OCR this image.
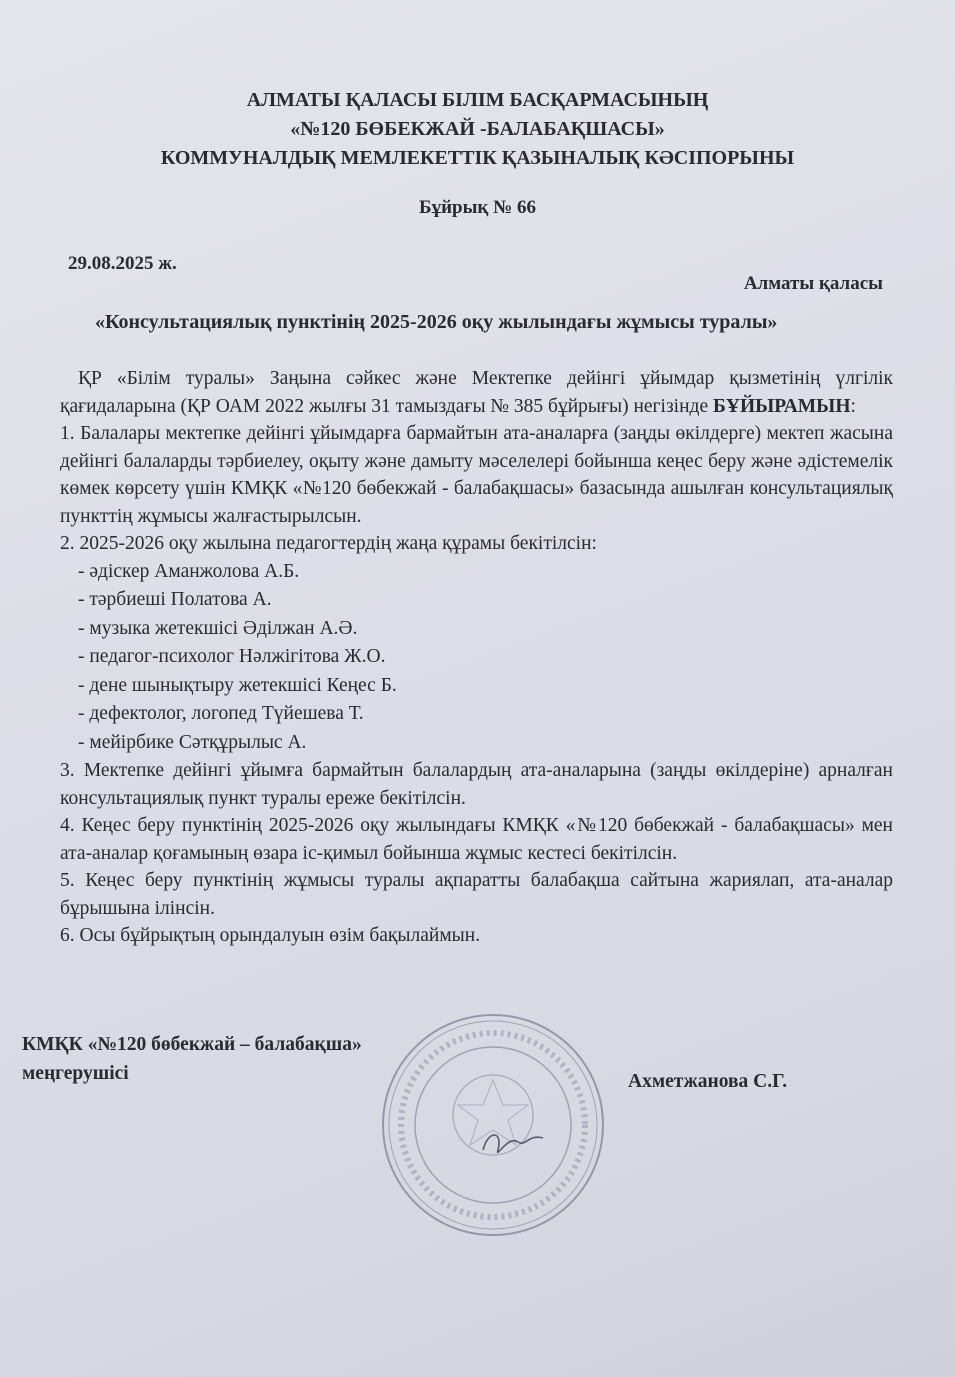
АЛМАТЫ ҚАЛАСЫ БІЛІМ БАСҚАРМАСЫНЫҢ
«№120 БӨБЕКЖАЙ -БАЛАБАҚШАСЫ»
КОММУНАЛДЫҚ МЕМЛЕКЕТТІК ҚАЗЫНАЛЫҚ КӘСІПОРЫНЫ
Бұйрық № 66
29.08.2025 ж.
Алматы қаласы
«Консультациялық пунктінің 2025-2026 оқу жылындағы жұмысы туралы»

ҚР «Білім туралы» Заңына сәйкес және Мектепке дейінгі ұйымдар қызметінің үлгілік қағидаларына (ҚР ОАМ 2022 жылғы 31 тамыздағы № 385 бұйрығы) негізінде БҰЙЫРАМЫН:

1. Балалары мектепке дейінгі ұйымдарға бармайтын ата-аналарға (заңды өкілдерге) мектеп жасына дейінгі балаларды тәрбиелеу, оқыту және дамыту мәселелері бойынша кеңес беру және әдістемелік көмек көрсету үшін КМҚК «№120 бөбекжай - балабақшасы» базасында ашылған консультациялық пункттің жұмысы жалғастырылсын.

2. 2025-2026 оқу жылына педагогтердің жаңа құрамы бекітілсін:

- әдіскер Аманжолова А.Б.
- тәрбиеші Полатова А.
- музыка жетекшісі Әділжан А.Ә.
- педагог-психолог Нәлжігітова Ж.О.
- дене шынықтыру жетекшісі Кеңес Б.
- дефектолог, логопед Түйешева Т.
- мейірбике Сәтқұрылыс А.

3. Мектепке дейінгі ұйымға бармайтын балалардың ата-аналарына (заңды өкілдеріне) арналған консультациялық пункт туралы ереже бекітілсін.

4. Кеңес беру пунктінің 2025-2026 оқу жылындағы КМҚК «№120 бөбекжай - балабақшасы» мен ата-аналар қоғамының өзара іс-қимыл бойынша жұмыс кестесі бекітілсін.

5. Кеңес беру пунктінің жұмысы туралы ақпаратты балабақша сайтына жариялап, ата-аналар бұрышына ілінсін.

6. Осы бұйрықтың орындалуын өзім бақылаймын.

КМҚК «№120 бөбекжай – балабақша»
меңгерушісі	Ахметжанова С.Г.
